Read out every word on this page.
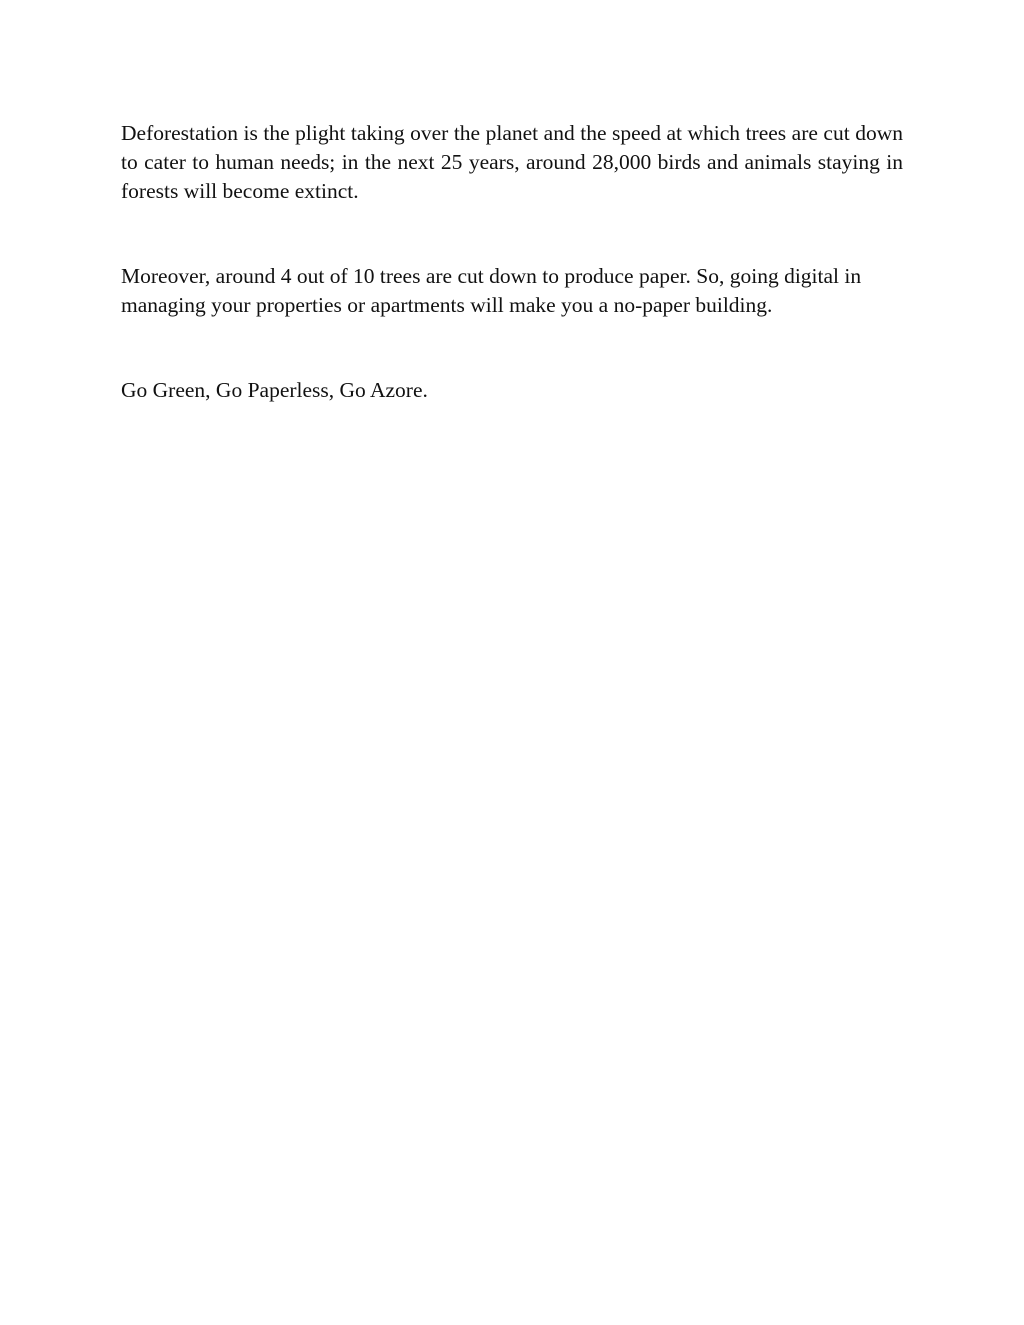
Deforestation is the plight taking over the planet and the speed at which trees are cut down to cater to human needs; in the next 25 years, around 28,000 birds and animals staying in forests will become extinct.

Moreover, around 4 out of 10 trees are cut down to produce paper. So, going digital in managing your properties or apartments will make you a no-paper building.

Go Green, Go Paperless, Go Azore.
